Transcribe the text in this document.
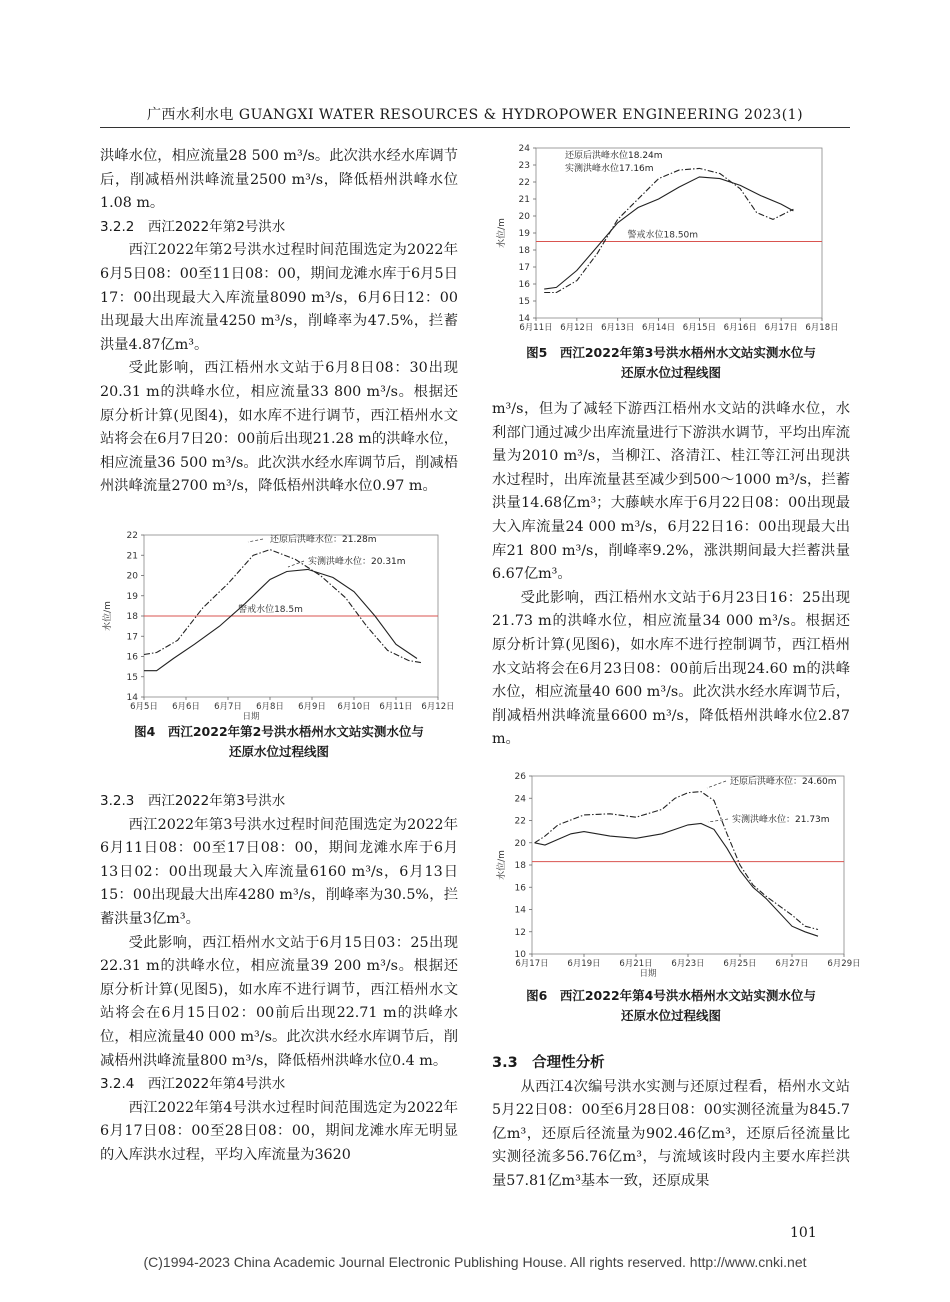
广西水利水电 GUANGXI WATER RESOURCES & HYDROPOWER ENGINEERING 2023(1)

洪峰水位，相应流量28 500 m³/s。此次洪水经水库调节后，削减梧州洪峰流量2500 m³/s，降低梧州洪峰水位1.08 m。

3.2.2　西江2022年第2号洪水

西江2022年第2号洪水过程时间范围选定为2022年6月5日08：00至11日08：00，期间龙滩水库于6月5日17：00出现最大入库流量8090 m³/s，6月6日12：00出现最大出库流量4250 m³/s，削峰率为47.5%，拦蓄洪量4.87亿m³。

受此影响，西江梧州水文站于6月8日08：30出现20.31 m的洪峰水位，相应流量33 800 m³/s。根据还原分析计算(见图4)，如水库不进行调节，西江梧州水文站将会在6月7日20：00前后出现21.28 m的洪峰水位，相应流量36 500 m³/s。此次洪水经水库调节后，削减梧州洪峰流量2700 m³/s，降低梧州洪峰水位0.97 m。

14
15
16
17
18
19
20
21
22
6月5日 6月6日 6月7日 6月8日 6月9日 6月10日 6月11日 6月12日
水位/m
日期
警戒水位18.5m
还原后洪峰水位：21.28m
实测洪峰水位：20.31m
图4　西江2022年第2号洪水梧州水文站实测水位与
还原水位过程线图

3.2.3　西江2022年第3号洪水

西江2022年第3号洪水过程时间范围选定为2022年6月11日08：00至17日08：00，期间龙滩水库于6月13日02：00出现最大入库流量6160 m³/s，6月13日15：00出现最大出库4280 m³/s，削峰率为30.5%，拦蓄洪量3亿m³。

受此影响，西江梧州水文站于6月15日03：25出现22.31 m的洪峰水位，相应流量39 200 m³/s。根据还原分析计算(见图5)，如水库不进行调节，西江梧州水文站将会在6月15日02：00前后出现22.71 m的洪峰水位，相应流量40 000 m³/s。此次洪水经水库调节后，削减梧州洪峰流量800 m³/s，降低梧州洪峰水位0.4 m。

3.2.4　西江2022年第4号洪水

西江2022年第4号洪水过程时间范围选定为2022年6月17日08：00至28日08：00，期间龙滩水库无明显的入库洪水过程，平均入库流量为3620

14
15
16
17
18
19
20
21
22
23
24
6月11日 6月12日 6月13日 6月14日 6月15日 6月16日 6月17日 6月18日
水位/m	警戒水位18.50m
还原后洪峰水位18.24m
实测洪峰水位17.16m
图5　西江2022年第3号洪水梧州水文站实测水位与
还原水位过程线图

m³/s，但为了减轻下游西江梧州水文站的洪峰水位，水利部门通过减少出库流量进行下游洪水调节，平均出库流量为2010 m³/s，当柳江、洛清江、桂江等江河出现洪水过程时，出库流量甚至减少到500～1000 m³/s，拦蓄洪量14.68亿m³；大藤峡水库于6月22日08：00出现最大入库流量24 000 m³/s，6月22日16：00出现最大出库21 800 m³/s，削峰率9.2%，涨洪期间最大拦蓄洪量6.67亿m³。

受此影响，西江梧州水文站于6月23日16：25出现21.73 m的洪峰水位，相应流量34 000 m³/s。根据还原分析计算(见图6)，如水库不进行控制调节，西江梧州水文站将会在6月23日08：00前后出现24.60 m的洪峰水位，相应流量40 600 m³/s。此次洪水经水库调节后，削减梧州洪峰流量6600 m³/s，降低梧州洪峰水位2.87 m。

10
12
14
16
18
20
22
24
26
6月17日 6月19日 6月21日 6月23日 6月25日 6月27日 6月29日
水位/m
日期
还原后洪峰水位：24.60m
实测洪峰水位：21.73m
图6　西江2022年第4号洪水梧州水文站实测水位与
还原水位过程线图

3.3　合理性分析

从西江4次编号洪水实测与还原过程看，梧州水文站5月22日08：00至6月28日08：00实测径流量为845.7亿m³，还原后径流量为902.46亿m³，还原后径流量比实测径流多56.76亿m³，与流域该时段内主要水库拦洪量57.81亿m³基本一致，还原成果

101
(C)1994-2023 China Academic Journal Electronic Publishing House. All rights reserved. http://www.cnki.net
